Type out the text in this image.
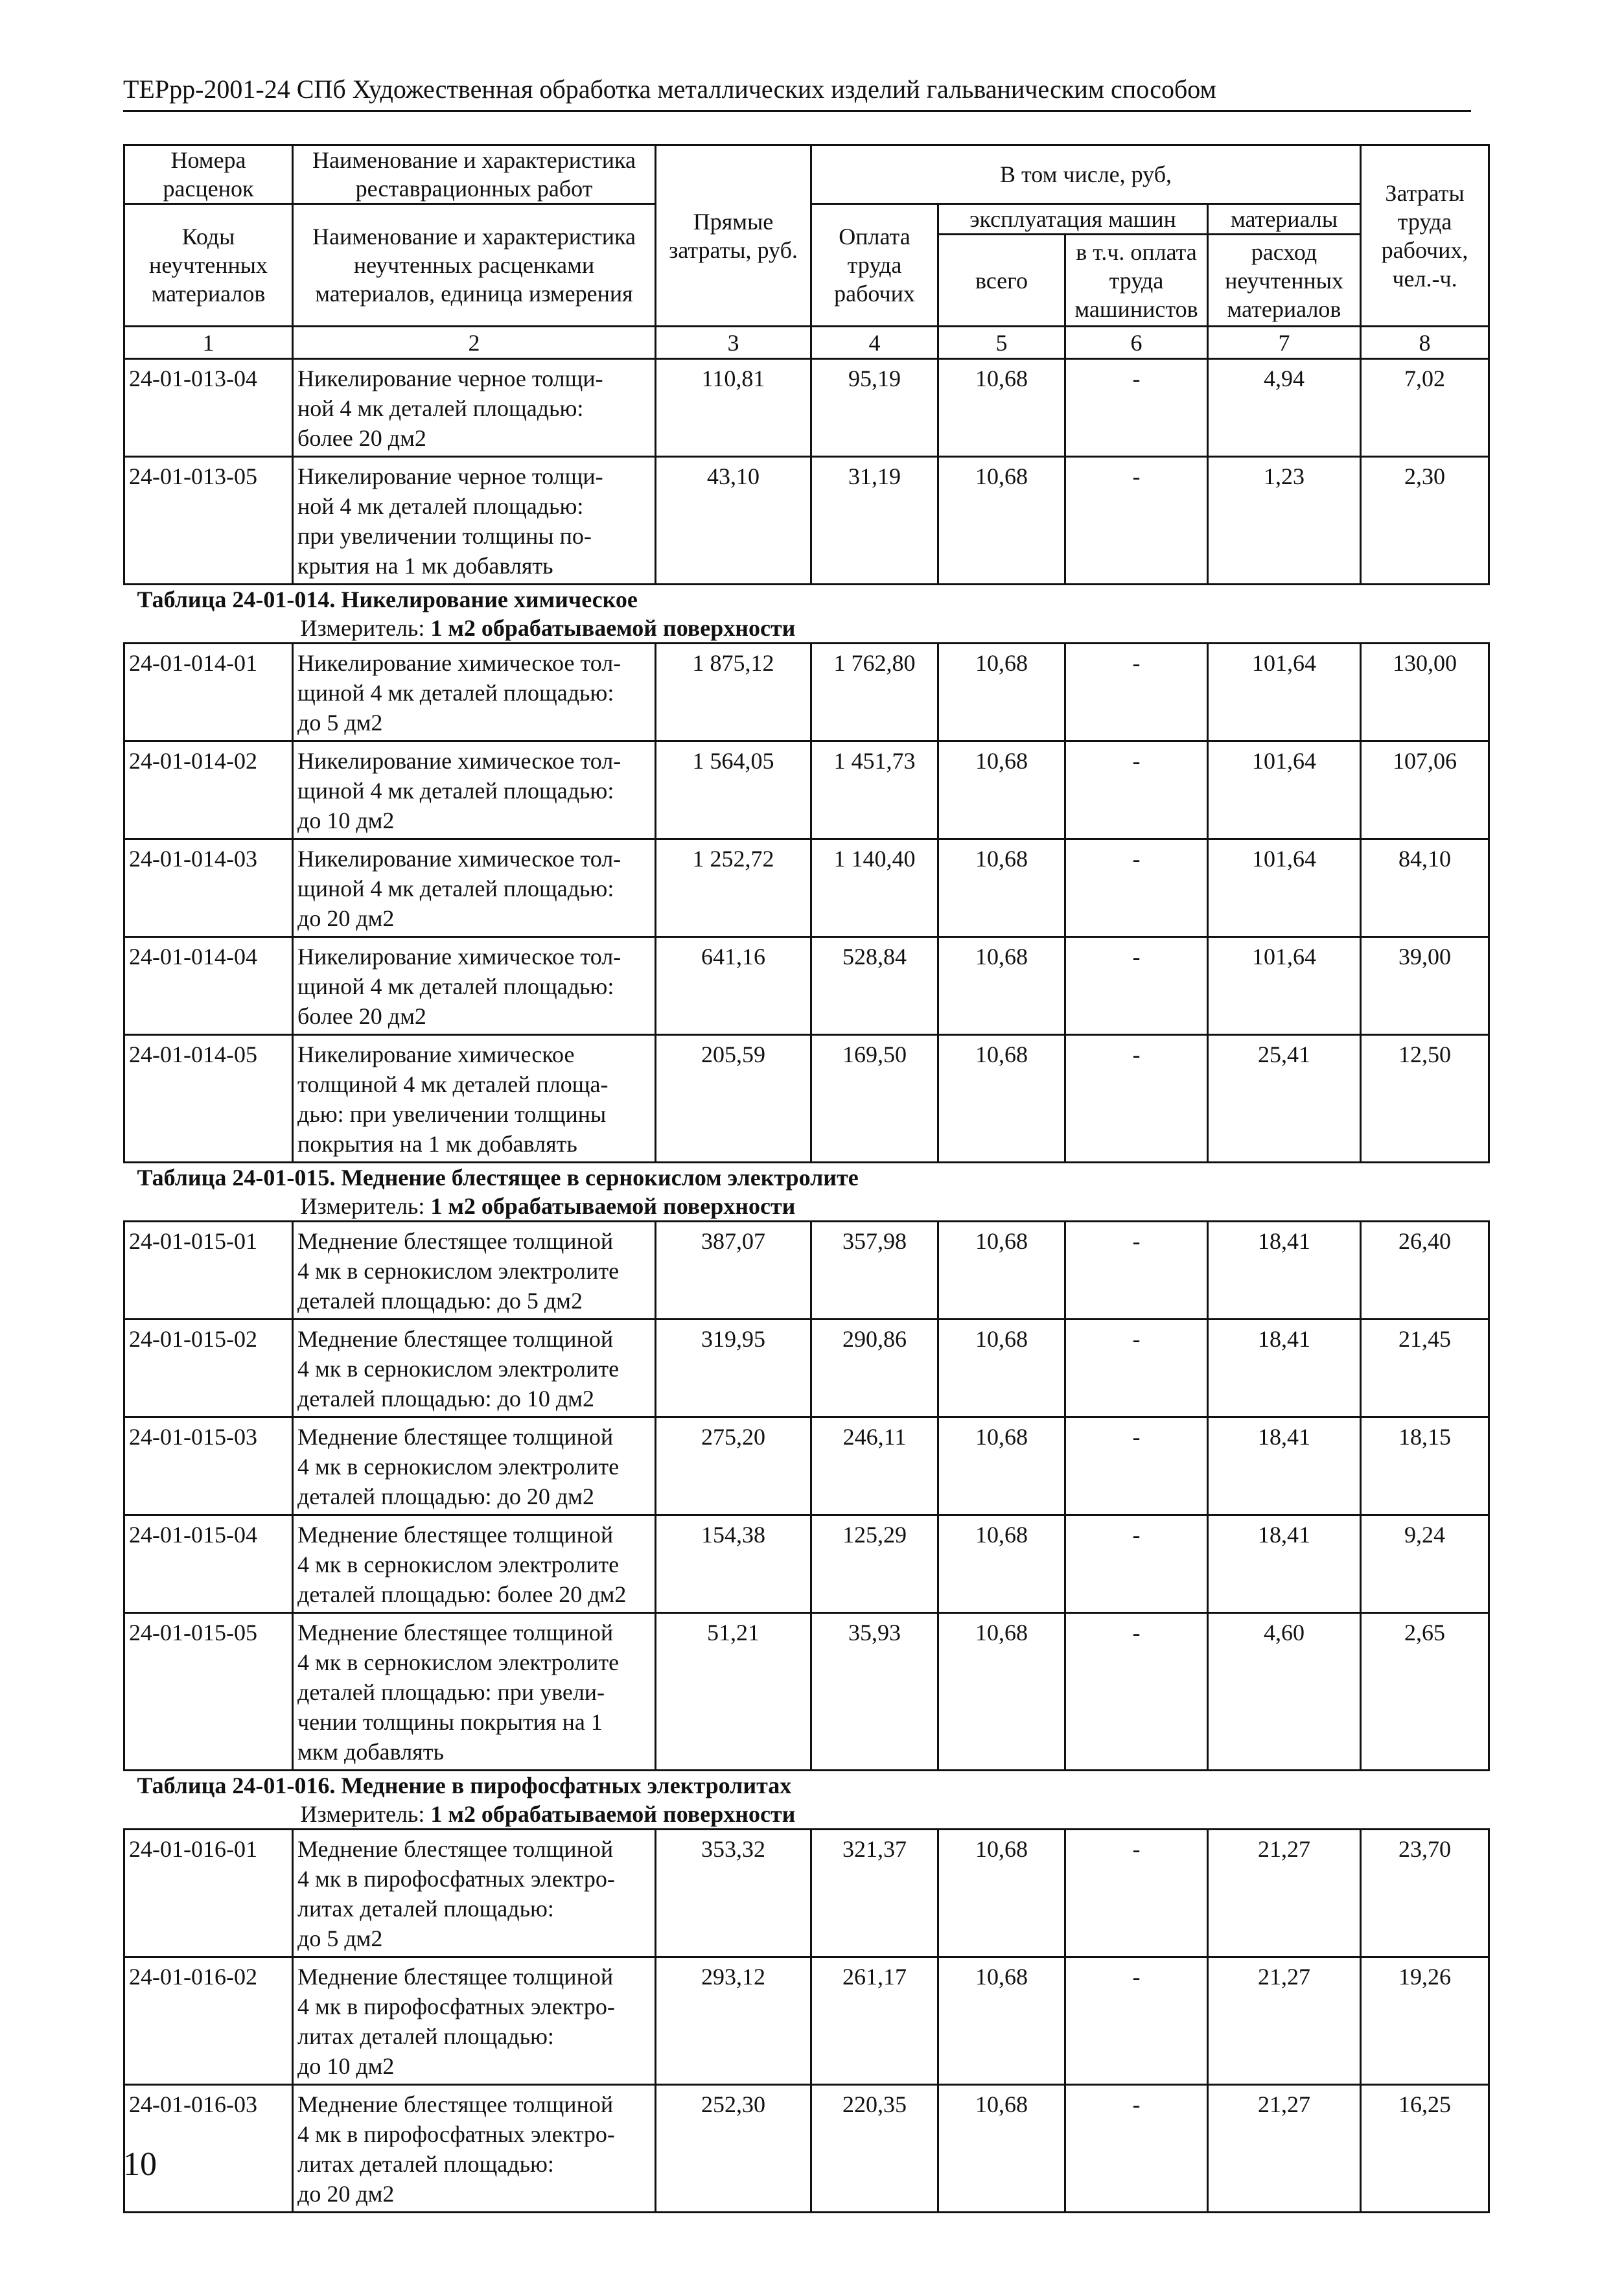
ТЕРрр-2001-24 СПб Художественная обработка металлических изделий гальваническим способом
Номера расценок	Наименование и характеристика реставрационных работ	Прямые затраты, руб.	В том числе, руб,				Затраты труда рабочих, чел.-ч.
Коды неучтенных материалов	Наименование и характеристика неучтенных расценками материалов, единица измерения		Оплата труда рабочих	эксплуатация машин		материалы	
				всего	в т.ч. оплата труда машинистов	расход неучтенных материалов	
1	2	3	4	5	6	7	8
24-01-013-04	Никелирование черное толщи-
ной 4 мк деталей площадью:
более 20 дм2	110,81	95,19	10,68	-	4,94	7,02
24-01-013-05	Никелирование черное толщи-
ной 4 мк деталей площадью:
при увеличении толщины по-
крытия на 1 мк добавлять	43,10	31,19	10,68	-	1,23	2,30

Таблица 24-01-014. Никелирование химическое
Измеритель: 1 м2 обрабатываемой поверхности							

24-01-014-01	Никелирование химическое тол-
щиной 4 мк деталей площадью:
до 5 дм2	1 875,12	1 762,80	10,68	-	101,64	130,00
24-01-014-02	Никелирование химическое тол-
щиной 4 мк деталей площадью:
до 10 дм2	1 564,05	1 451,73	10,68	-	101,64	107,06
24-01-014-03	Никелирование химическое тол-
щиной 4 мк деталей площадью:
до 20 дм2	1 252,72	1 140,40	10,68	-	101,64	84,10
24-01-014-04	Никелирование химическое тол-
щиной 4 мк деталей площадью:
более 20 дм2	641,16	528,84	10,68	-	101,64	39,00
24-01-014-05	Никелирование химическое
толщиной 4 мк деталей площа-
дью: при увеличении толщины
покрытия на 1 мк добавлять	205,59	169,50	10,68	-	25,41	12,50

Таблица 24-01-015. Меднение блестящее в сернокислом электролите
Измеритель: 1 м2 обрабатываемой поверхности							

24-01-015-01	Меднение блестящее толщиной
4 мк в сернокислом электролите
деталей площадью: до 5 дм2	387,07	357,98	10,68	-	18,41	26,40
24-01-015-02	Меднение блестящее толщиной
4 мк в сернокислом электролите
деталей площадью: до 10 дм2	319,95	290,86	10,68	-	18,41	21,45
24-01-015-03	Меднение блестящее толщиной
4 мк в сернокислом электролите
деталей площадью: до 20 дм2	275,20	246,11	10,68	-	18,41	18,15
24-01-015-04	Меднение блестящее толщиной
4 мк в сернокислом электролите
деталей площадью: более 20 дм2	154,38	125,29	10,68	-	18,41	9,24
24-01-015-05	Меднение блестящее толщиной
4 мк в сернокислом электролите
деталей площадью: при увели-
чении толщины покрытия на 1
мкм добавлять	51,21	35,93	10,68	-	4,60	2,65

Таблица 24-01-016. Меднение в пирофосфатных электролитах
Измеритель: 1 м2 обрабатываемой поверхности							

24-01-016-01	Меднение блестящее толщиной
4 мк в пирофосфатных электро-
литах деталей площадью:
до 5 дм2	353,32	321,37	10,68	-	21,27	23,70
24-01-016-02	Меднение блестящее толщиной
4 мк в пирофосфатных электро-
литах деталей площадью:
до 10 дм2	293,12	261,17	10,68	-	21,27	19,26
24-01-016-03	Меднение блестящее толщиной
4 мк в пирофосфатных электро-
литах деталей площадью:
до 20 дм2	252,30	220,35	10,68	-	21,27	16,25
10
